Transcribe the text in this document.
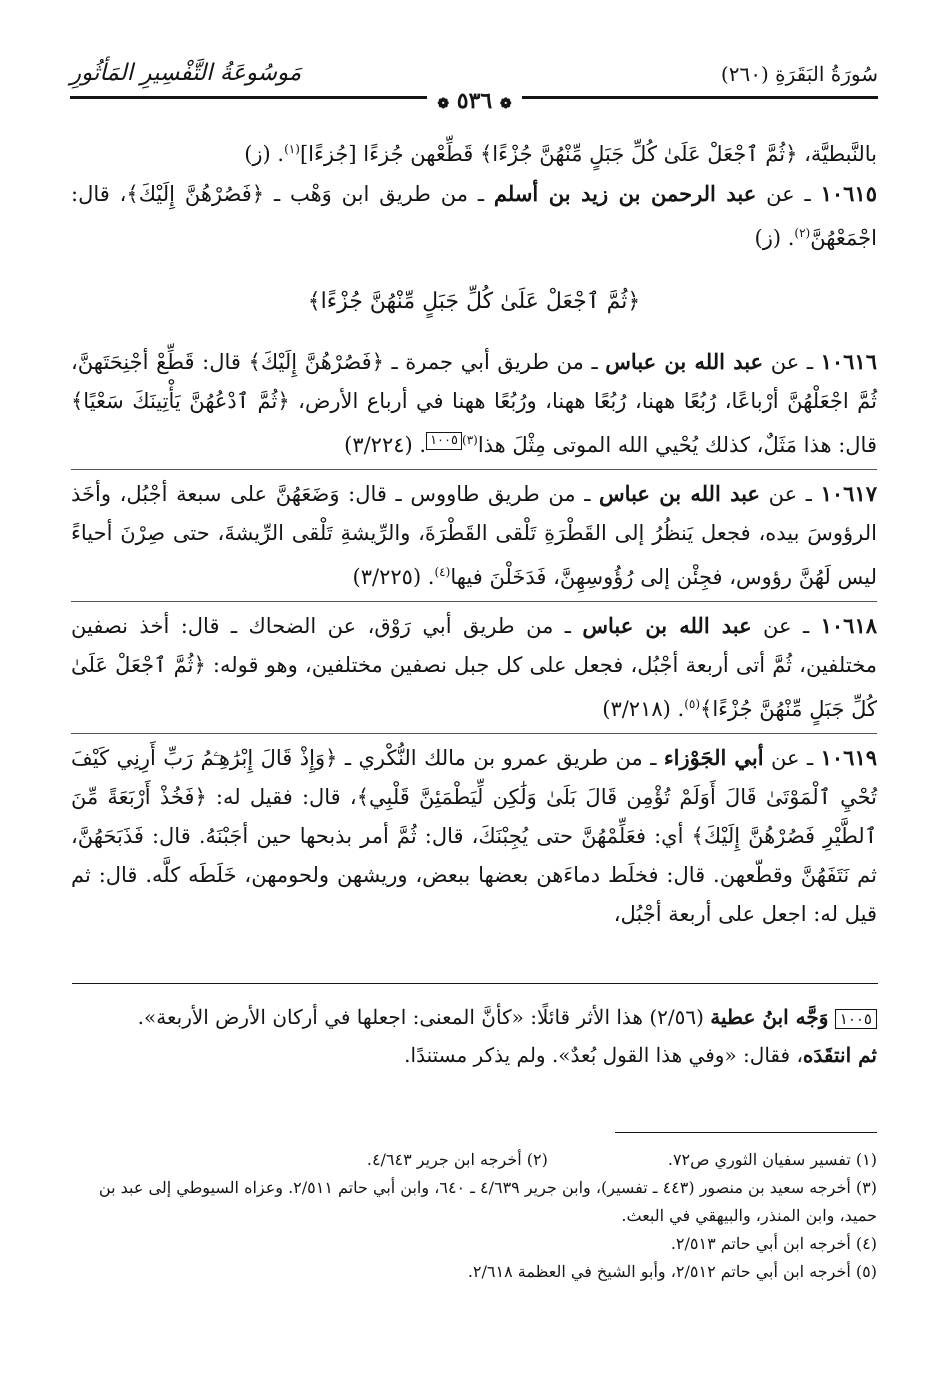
سُورَةُ البَقَرَةِ (٢٦٠)
مَوسُوعَةُ التَّفْسِيرِ المَأثُورِ
❁ ٥٣٦ ❁

بالنَّبطيَّة، ﴿ثُمَّ ٱجْعَلْ عَلَىٰ كُلِّ جَبَلٍ مِّنْهُنَّ جُزْءًا﴾ قَطِّعْهن جُزءًا [جُزءًا]$^{(١)}$. (ز)

١٠٦١٥ ـ عن عبد الرحمن بن زيد بن أسلم ـ من طريق ابن وَهْب ـ ﴿فَصُرْهُنَّ إِلَيْكَ﴾، قال: اجْمَعْهُنَّ$^{(٢)}$. (ز)

﴿ثُمَّ ٱجْعَلْ عَلَىٰ كُلِّ جَبَلٍ مِّنْهُنَّ جُزْءًا﴾

١٠٦١٦ ـ عن عبد الله بن عباس ـ من طريق أبي جمرة ـ ﴿فَصُرْهُنَّ إِلَيْكَ﴾ قال: قَطِّعْ أجْنِحَتَهنَّ، ثُمَّ اجْعَلْهُنَّ أرْباعًا، رُبُعًا ههنا، رُبُعًا ههنا، ورُبُعًا ههنا في أرباع الأرض، ﴿ثُمَّ ٱدْعُهُنَّ يَأْتِينَكَ سَعْيًا﴾ قال: هذا مَثَلٌ، كذلك يُحْيي الله الموتى مِثْلَ هذا$^{(٣)}$١٠٠٥. (٣/٢٢٤)

١٠٦١٧ ـ عن عبد الله بن عباس ـ من طريق طاووس ـ قال: وَضَعَهُنَّ على سبعة أجْبُل، وأخَذ الرؤوسَ بيده، فجعل يَنظُرُ إلى القَطْرَةِ تَلْقى القَطْرَةَ، والرِّيشةِ تَلْقى الرِّيشةَ، حتى صِرْنَ أحياءً ليس لَهُنَّ رؤوس، فجِئْن إلى رُؤُوسِهِنَّ، فَدَخَلْنَ فيها$^{(٤)}$. (٣/٢٢٥)

١٠٦١٨ ـ عن عبد الله بن عباس ـ من طريق أبي رَوْق، عن الضحاك ـ قال: أخذ نصفين مختلفين، ثُمَّ أتى أربعة أجْبُل، فجعل على كل جبل نصفين مختلفين، وهو قوله: ﴿ثُمَّ ٱجْعَلْ عَلَىٰ كُلِّ جَبَلٍ مِّنْهُنَّ جُزْءًا﴾$^{(٥)}$. (٣/٢١٨)

١٠٦١٩ ـ عن أبي الجَوْزاء ـ من طريق عمرو بن مالك النُّكْري ـ ﴿وَإِذْ قَالَ إِبْرَٰهِـۧمُ رَبِّ أَرِنِي كَيْفَ تُحْيِ ٱلْمَوْتَىٰ قَالَ أَوَلَمْ تُؤْمِن قَالَ بَلَىٰ وَلَٰكِن لِّيَطْمَئِنَّ قَلْبِي﴾، قال: فقيل له: ﴿فَخُذْ أَرْبَعَةً مِّنَ ٱلطَّيْرِ فَصُرْهُنَّ إِلَيْكَ﴾ أي: فعَلِّمْهُنَّ حتى يُجِبْنَكَ، قال: ثُمَّ أمر بذبحها حين أجَبْنَهُ. قال: فَذَبَحَهُنَّ، ثم نَتَفَهُنَّ وقطّعهن. قال: فخلَط دماءَهن بعضها ببعض، وريشهن ولحومهن، خَلَطَه كلَّه. قال: ثم قيل له: اجعل على أربعة أجْبُل،

١٠٠٥ وَجَّه ابنُ عطية (٢/٥٦) هذا الأثر قائلًا: «كأنَّ المعنى: اجعلها في أركان الأرض الأربعة».

ثم انتقَدَه، فقال: «وفي هذا القول بُعدٌ». ولم يذكر مستندًا.

(١) تفسير سفيان الثوري ص٧٢.

(٢) أخرجه ابن جرير ٤/٦٤٣.

(٣) أخرجه سعيد بن منصور (٤٤٣ ـ تفسير)، وابن جرير ٤/٦٣٩ ـ ٦٤٠، وابن أبي حاتم ٢/٥١١. وعزاه السيوطي إلى عبد بن حميد، وابن المنذر، والبيهقي في البعث.

(٤) أخرجه ابن أبي حاتم ٢/٥١٣.

(٥) أخرجه ابن أبي حاتم ٢/٥١٢، وأبو الشيخ في العظمة ٢/٦١٨.
